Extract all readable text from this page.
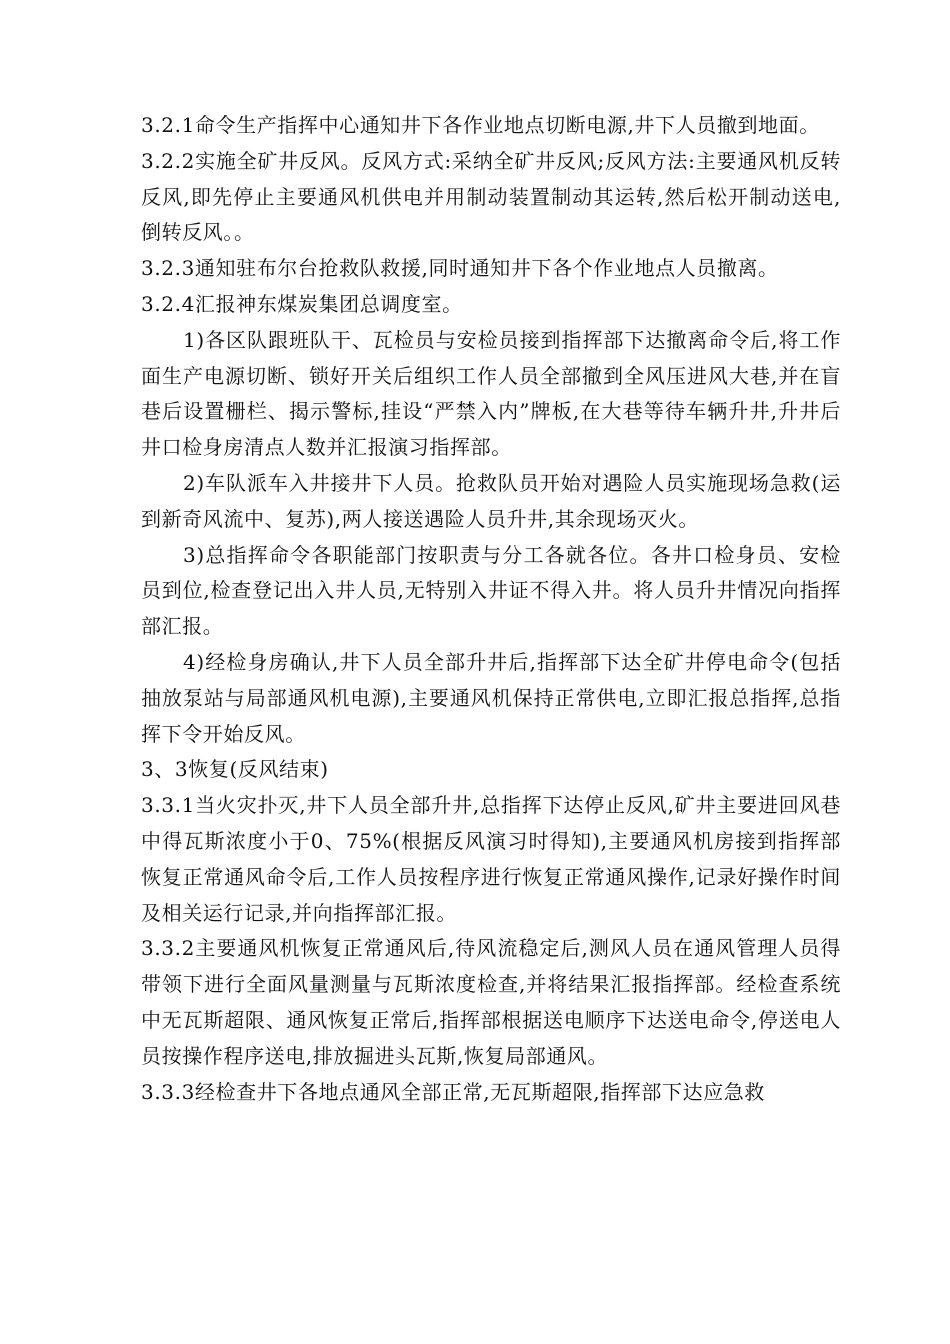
3.2.1命令生产指挥中心通知井下各作业地点切断电源,井下人员撤到地面。

3.2.2实施全矿井反风。反风方式:采纳全矿井反风;反风方法:主要通风机反转反风,即先停止主要通风机供电并用制动装置制动其运转,然后松开制动送电,倒转反风。。

3.2.3通知驻布尔台抢救队救援,同时通知井下各个作业地点人员撤离。

3.2.4汇报神东煤炭集团总调度室。

1)各区队跟班队干、瓦检员与安检员接到指挥部下达撤离命令后,将工作面生产电源切断、锁好开关后组织工作人员全部撤到全风压进风大巷,并在盲巷后设置栅栏、揭示警标,挂设“严禁入内”牌板,在大巷等待车辆升井,升井后井口检身房清点人数并汇报演习指挥部。

2)车队派车入井接井下人员。抢救队员开始对遇险人员实施现场急救(运到新奇风流中、复苏),两人接送遇险人员升井,其余现场灭火。

3)总指挥命令各职能部门按职责与分工各就各位。各井口检身员、安检员到位,检查登记出入井人员,无特别入井证不得入井。将人员升井情况向指挥部汇报。

4)经检身房确认,井下人员全部升井后,指挥部下达全矿井停电命令(包括抽放泵站与局部通风机电源),主要通风机保持正常供电,立即汇报总指挥,总指挥下令开始反风。

3、3恢复(反风结束)

3.3.1当火灾扑灭,井下人员全部升井,总指挥下达停止反风,矿井主要进回风巷中得瓦斯浓度小于0、75%(根据反风演习时得知),主要通风机房接到指挥部恢复正常通风命令后,工作人员按程序进行恢复正常通风操作,记录好操作时间及相关运行记录,并向指挥部汇报。

3.3.2主要通风机恢复正常通风后,待风流稳定后,测风人员在通风管理人员得带领下进行全面风量测量与瓦斯浓度检查,并将结果汇报指挥部。经检查系统中无瓦斯超限、通风恢复正常后,指挥部根据送电顺序下达送电命令,停送电人员按操作程序送电,排放掘进头瓦斯,恢复局部通风。

3.3.3经检查井下各地点通风全部正常,无瓦斯超限,指挥部下达应急救
